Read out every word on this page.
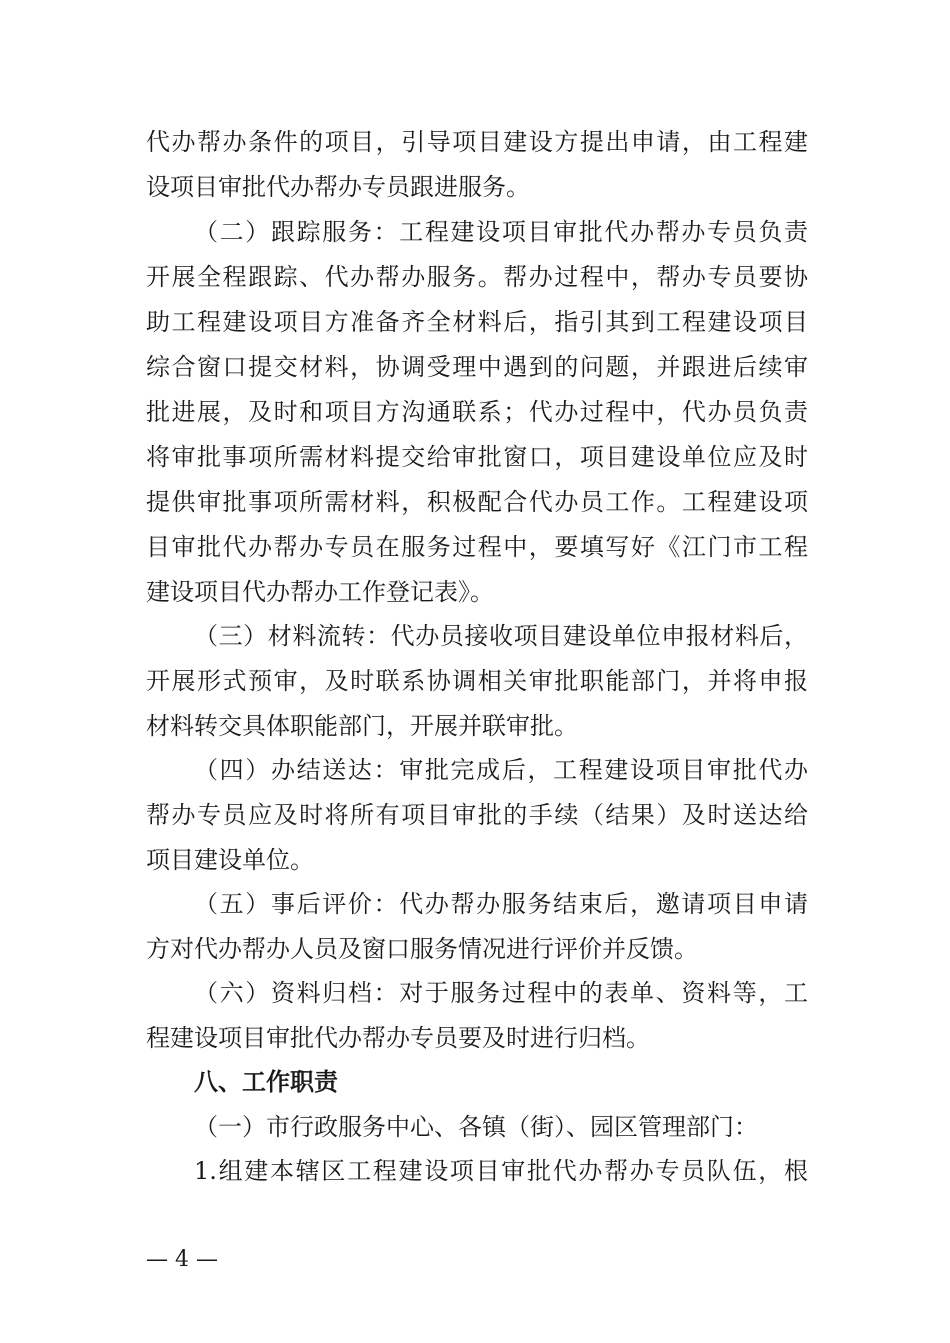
代办帮办条件的项目，引导项目建设方提出申请，由工程建
设项目审批代办帮办专员跟进服务。
（二）跟踪服务：工程建设项目审批代办帮办专员负责
开展全程跟踪、代办帮办服务。帮办过程中，帮办专员要协
助工程建设项目方准备齐全材料后，指引其到工程建设项目
综合窗口提交材料，协调受理中遇到的问题，并跟进后续审
批进展，及时和项目方沟通联系；代办过程中，代办员负责
将审批事项所需材料提交给审批窗口，项目建设单位应及时
提供审批事项所需材料，积极配合代办员工作。工程建设项
目审批代办帮办专员在服务过程中，要填写好《江门市工程
建设项目代办帮办工作登记表》。
（三）材料流转：代办员接收项目建设单位申报材料后，
开展形式预审，及时联系协调相关审批职能部门，并将申报
材料转交具体职能部门，开展并联审批。
（四）办结送达：审批完成后，工程建设项目审批代办
帮办专员应及时将所有项目审批的手续（结果）及时送达给
项目建设单位。
（五）事后评价：代办帮办服务结束后，邀请项目申请
方对代办帮办人员及窗口服务情况进行评价并反馈。
（六）资料归档：对于服务过程中的表单、资料等，工
程建设项目审批代办帮办专员要及时进行归档。
八、工作职责
（一）市行政服务中心、各镇（街）、园区管理部门：
1.组建本辖区工程建设项目审批代办帮办专员队伍，根
— 4 —
